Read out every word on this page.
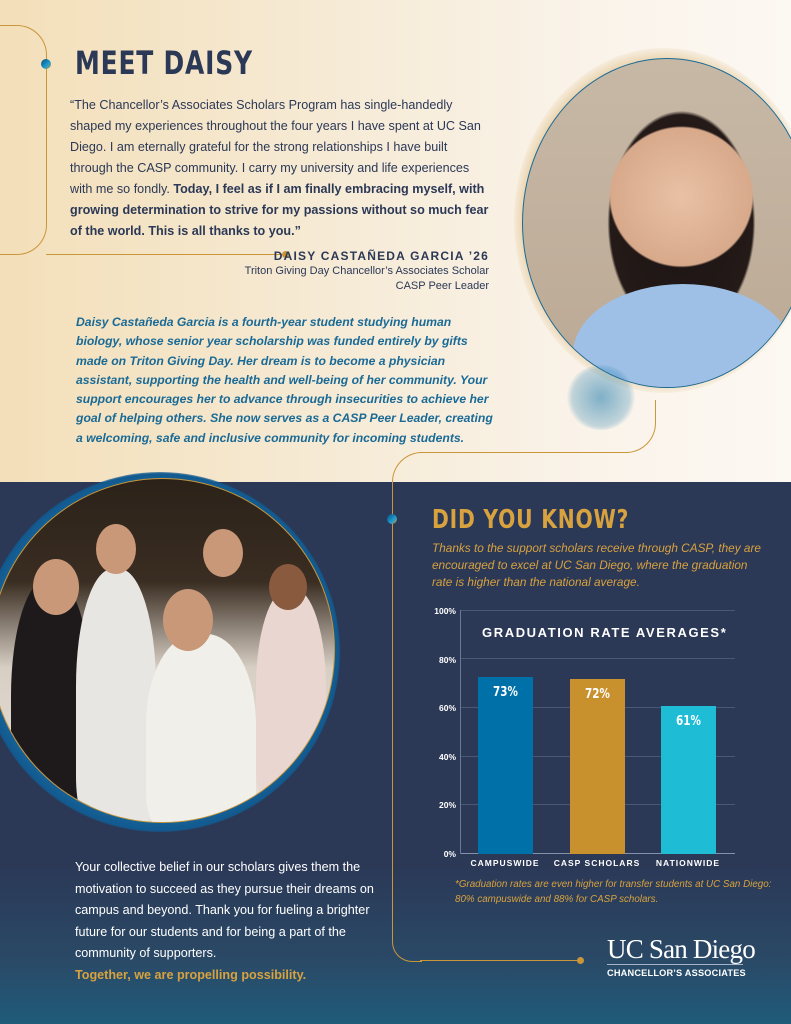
MEET DAISY

“The Chancellor’s Associates Scholars Program has single-handedly shaped my experiences throughout the four years I have spent at UC San Diego. I am eternally grateful for the strong relationships I have built through the CASP community. I carry my university and life experiences with me so fondly. Today, I feel as if I am finally embracing myself, with growing determination to strive for my passions without so much fear of the world. This is all thanks to you.”

DAISY CASTAÑEDA GARCIA ’26
Triton Giving Day Chancellor’s Associates Scholar
CASP Peer Leader

Daisy Castañeda Garcia is a fourth-year student studying human biology, whose senior year scholarship was funded entirely by gifts made on Triton Giving Day. Her dream is to become a physician assistant, supporting the health and well-being of her community. Your support encourages her to advance through insecurities to achieve her goal of helping others. She now serves as a CASP Peer Leader, creating a welcoming, safe and inclusive community for incoming students.

Your collective belief in our scholars gives them the motivation to succeed as they pursue their dreams on campus and beyond. Thank you for fueling a brighter future for our students and for being a part of the community of supporters.
Together, we are propelling possibility.

DID YOU KNOW?

Thanks to the support scholars receive through CASP, they are encouraged to excel at UC San Diego, where the graduation rate is higher than the national average.

100%
80%
60%
40%
20%
0%
GRADUATION RATE AVERAGES*
73%	72%
61%
CAMPUSWIDE	CASP SCHOLARS	NATIONWIDE

*Graduation rates are even higher for transfer students at UC San Diego: 80% campuswide and 88% for CASP scholars.

UC San Diego
CHANCELLOR’S ASSOCIATES
